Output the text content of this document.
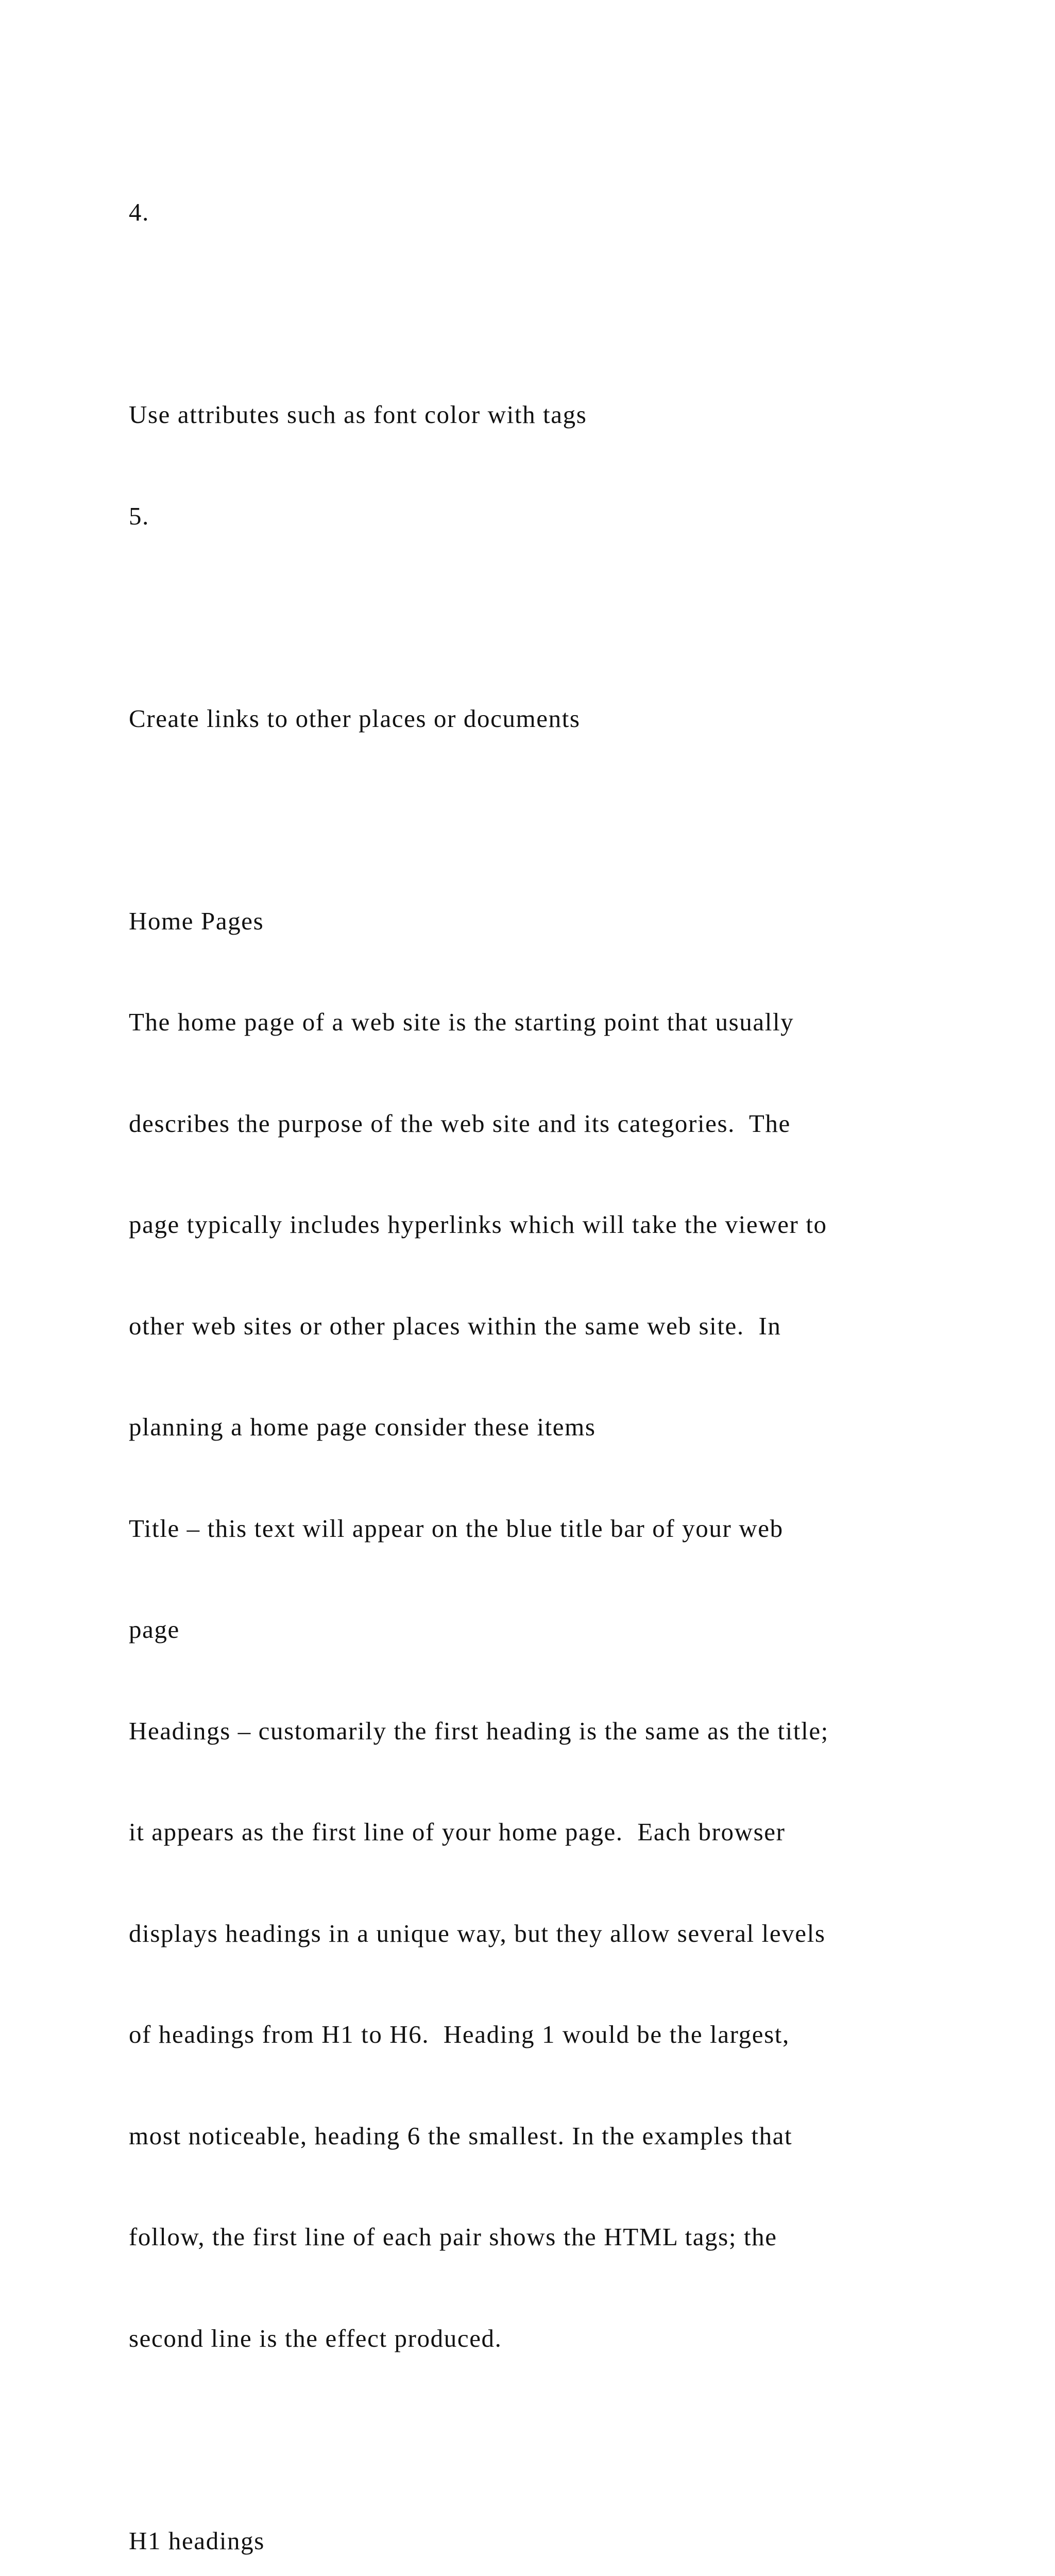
4.

Use attributes such as font color with tags

5.

Create links to other places or documents

Home Pages

The home page of a web site is the starting point that usually

describes the purpose of the web site and its categories.  The

page typically includes hyperlinks which will take the viewer to

other web sites or other places within the same web site.  In

planning a home page consider these items

Title – this text will appear on the blue title bar of your web

page

Headings – customarily the first heading is the same as the title;

it appears as the first line of your home page.  Each browser

displays headings in a unique way, but they allow several levels

of headings from H1 to H6.  Heading 1 would be the largest,

most noticeable, heading 6 the smallest. In the examples that

follow, the first line of each pair shows the HTML tags; the

second line is the effect produced.

H1 headings
